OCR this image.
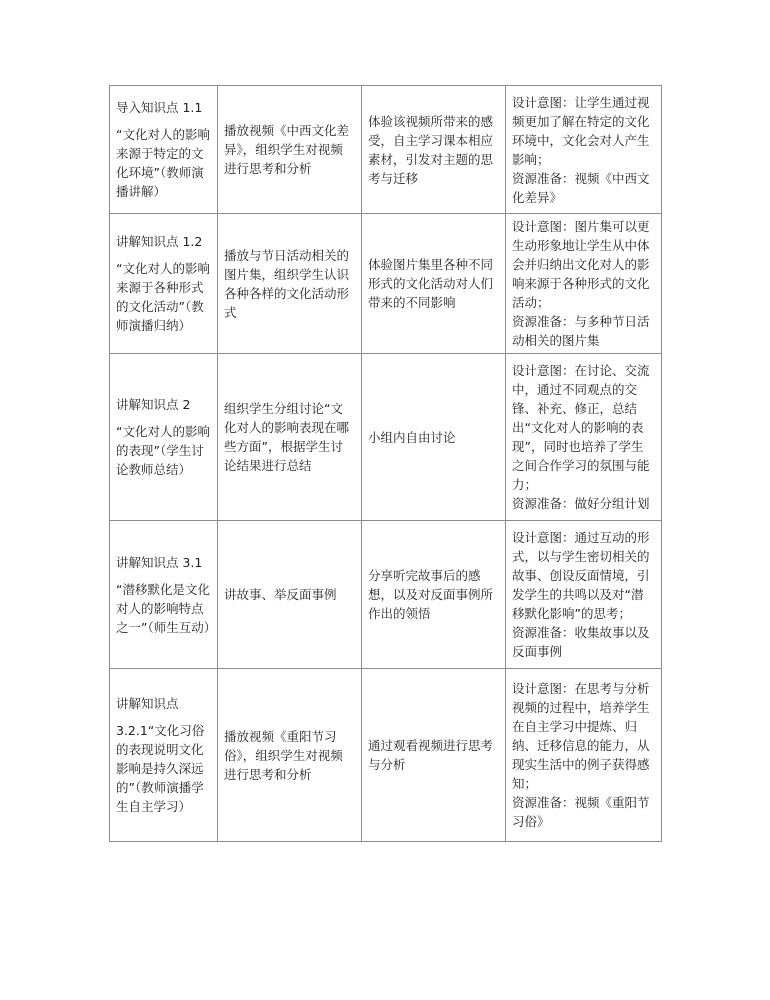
导入知识点 1.1
“文化对人的影响来源于特定的文化环境”（教师演播讲解）	播放视频《中西文化差异》，组织学生对视频进行思考和分析	体验该视频所带来的感受，自主学习课本相应素材，引发对主题的思考与迁移	设计意图：让学生通过视频更加了解在特定的文化环境中，文化会对人产生影响；
资源准备：视频《中西文化差异》

讲解知识点 1.2
“文化对人的影响来源于各种形式的文化活动”（教师演播归纳）	播放与节日活动相关的图片集，组织学生认识各种各样的文化活动形式	体验图片集里各种不同形式的文化活动对人们带来的不同影响	设计意图：图片集可以更生动形象地让学生从中体会并归纳出文化对人的影响来源于各种形式的文化活动；
资源准备：与多种节日活动相关的图片集

讲解知识点 2
“文化对人的影响的表现”（学生讨论教师总结）	组织学生分组讨论“文化对人的影响表现在哪些方面”，根据学生讨论结果进行总结	小组内自由讨论	设计意图：在讨论、交流中，通过不同观点的交锋、补充、修正，总结出“文化对人的影响的表现”，同时也培养了学生之间合作学习的氛围与能力；
资源准备：做好分组计划

讲解知识点 3.1
“潜移默化是文化对人的影响特点之一”（师生互动）	讲故事、举反面事例	分享听完故事后的感想，以及对反面事例所作出的领悟	设计意图：通过互动的形式，以与学生密切相关的故事、创设反面情境，引发学生的共鸣以及对“潜移默化影响”的思考；
资源准备：收集故事以及反面事例

讲解知识点
3.2.1“文化习俗的表现说明文化影响是持久深远的”（教师演播学生自主学习）	播放视频《重阳节习俗》，组织学生对视频进行思考和分析	通过观看视频进行思考与分析	设计意图：在思考与分析视频的过程中，培养学生在自主学习中提炼、归纳、迁移信息的能力，从现实生活中的例子获得感知；
资源准备：视频《重阳节习俗》
